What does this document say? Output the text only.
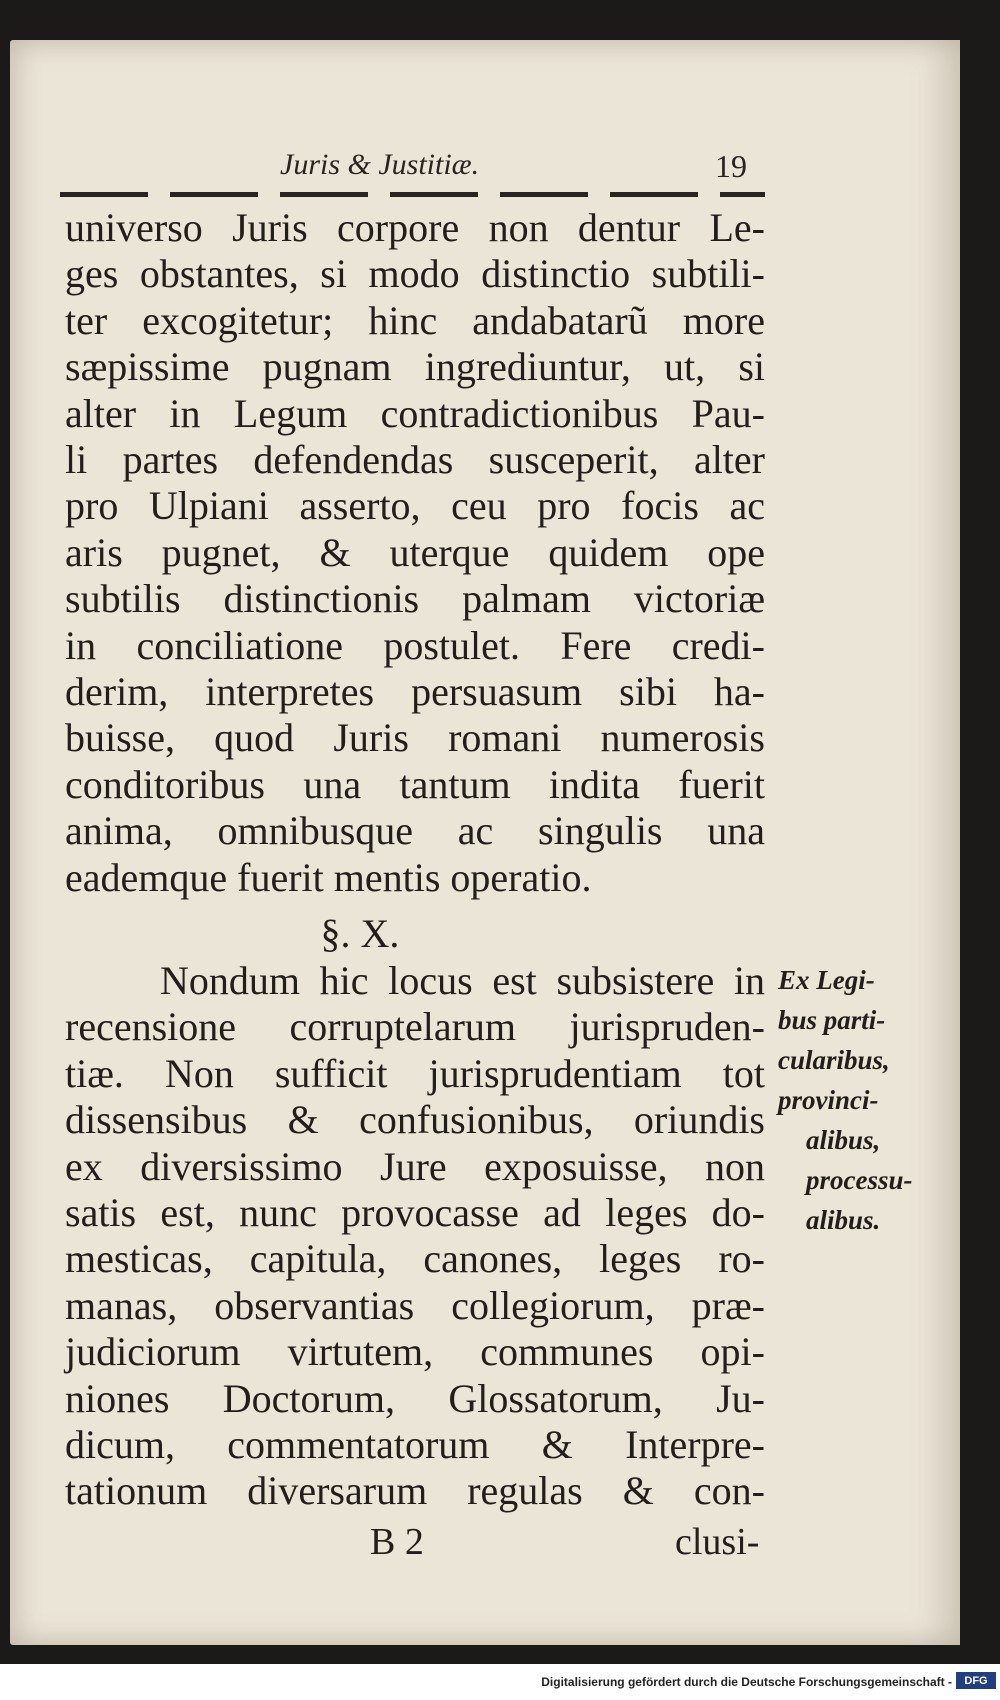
Juris & Justitiæ.	19
universo Juris corpore non dentur Le-
ges obstantes, si modo distinctio subtili-
ter excogitetur; hinc andabatarũ more
sæpissime pugnam ingrediuntur, ut, si
alter in Legum contradictionibus Pau-
li partes defendendas susceperit, alter
pro Ulpiani asserto, ceu pro focis ac
aris pugnet, & uterque quidem ope
subtilis distinctionis palmam victoriæ
in conciliatione postulet. Fere credi-
derim, interpretes persuasum sibi ha-
buisse, quod Juris romani numerosis
conditoribus una tantum indita fuerit
anima, omnibusque ac singulis una
eademque fuerit mentis operatio.
§. X.
Nondum hic locus est subsistere in
recensione corruptelarum jurispruden-
tiæ. Non sufficit jurisprudentiam tot
dissensibus & confusionibus, oriundis
ex diversissimo Jure exposuisse, non
satis est, nunc provocasse ad leges do-
mesticas, capitula, canones, leges ro-
manas, observantias collegiorum, præ-
judiciorum virtutem, communes opi-
niones Doctorum, Glossatorum, Ju-
dicum, commentatorum & Interpre-
tationum diversarum regulas & con-
Ex Legi-
bus parti-
cularibus,
provinci-
alibus,
processu-
alibus.
B 2	clusi-
Digitalisierung gefördert durch die Deutsche Forschungsgemeinschaft -	DFG
